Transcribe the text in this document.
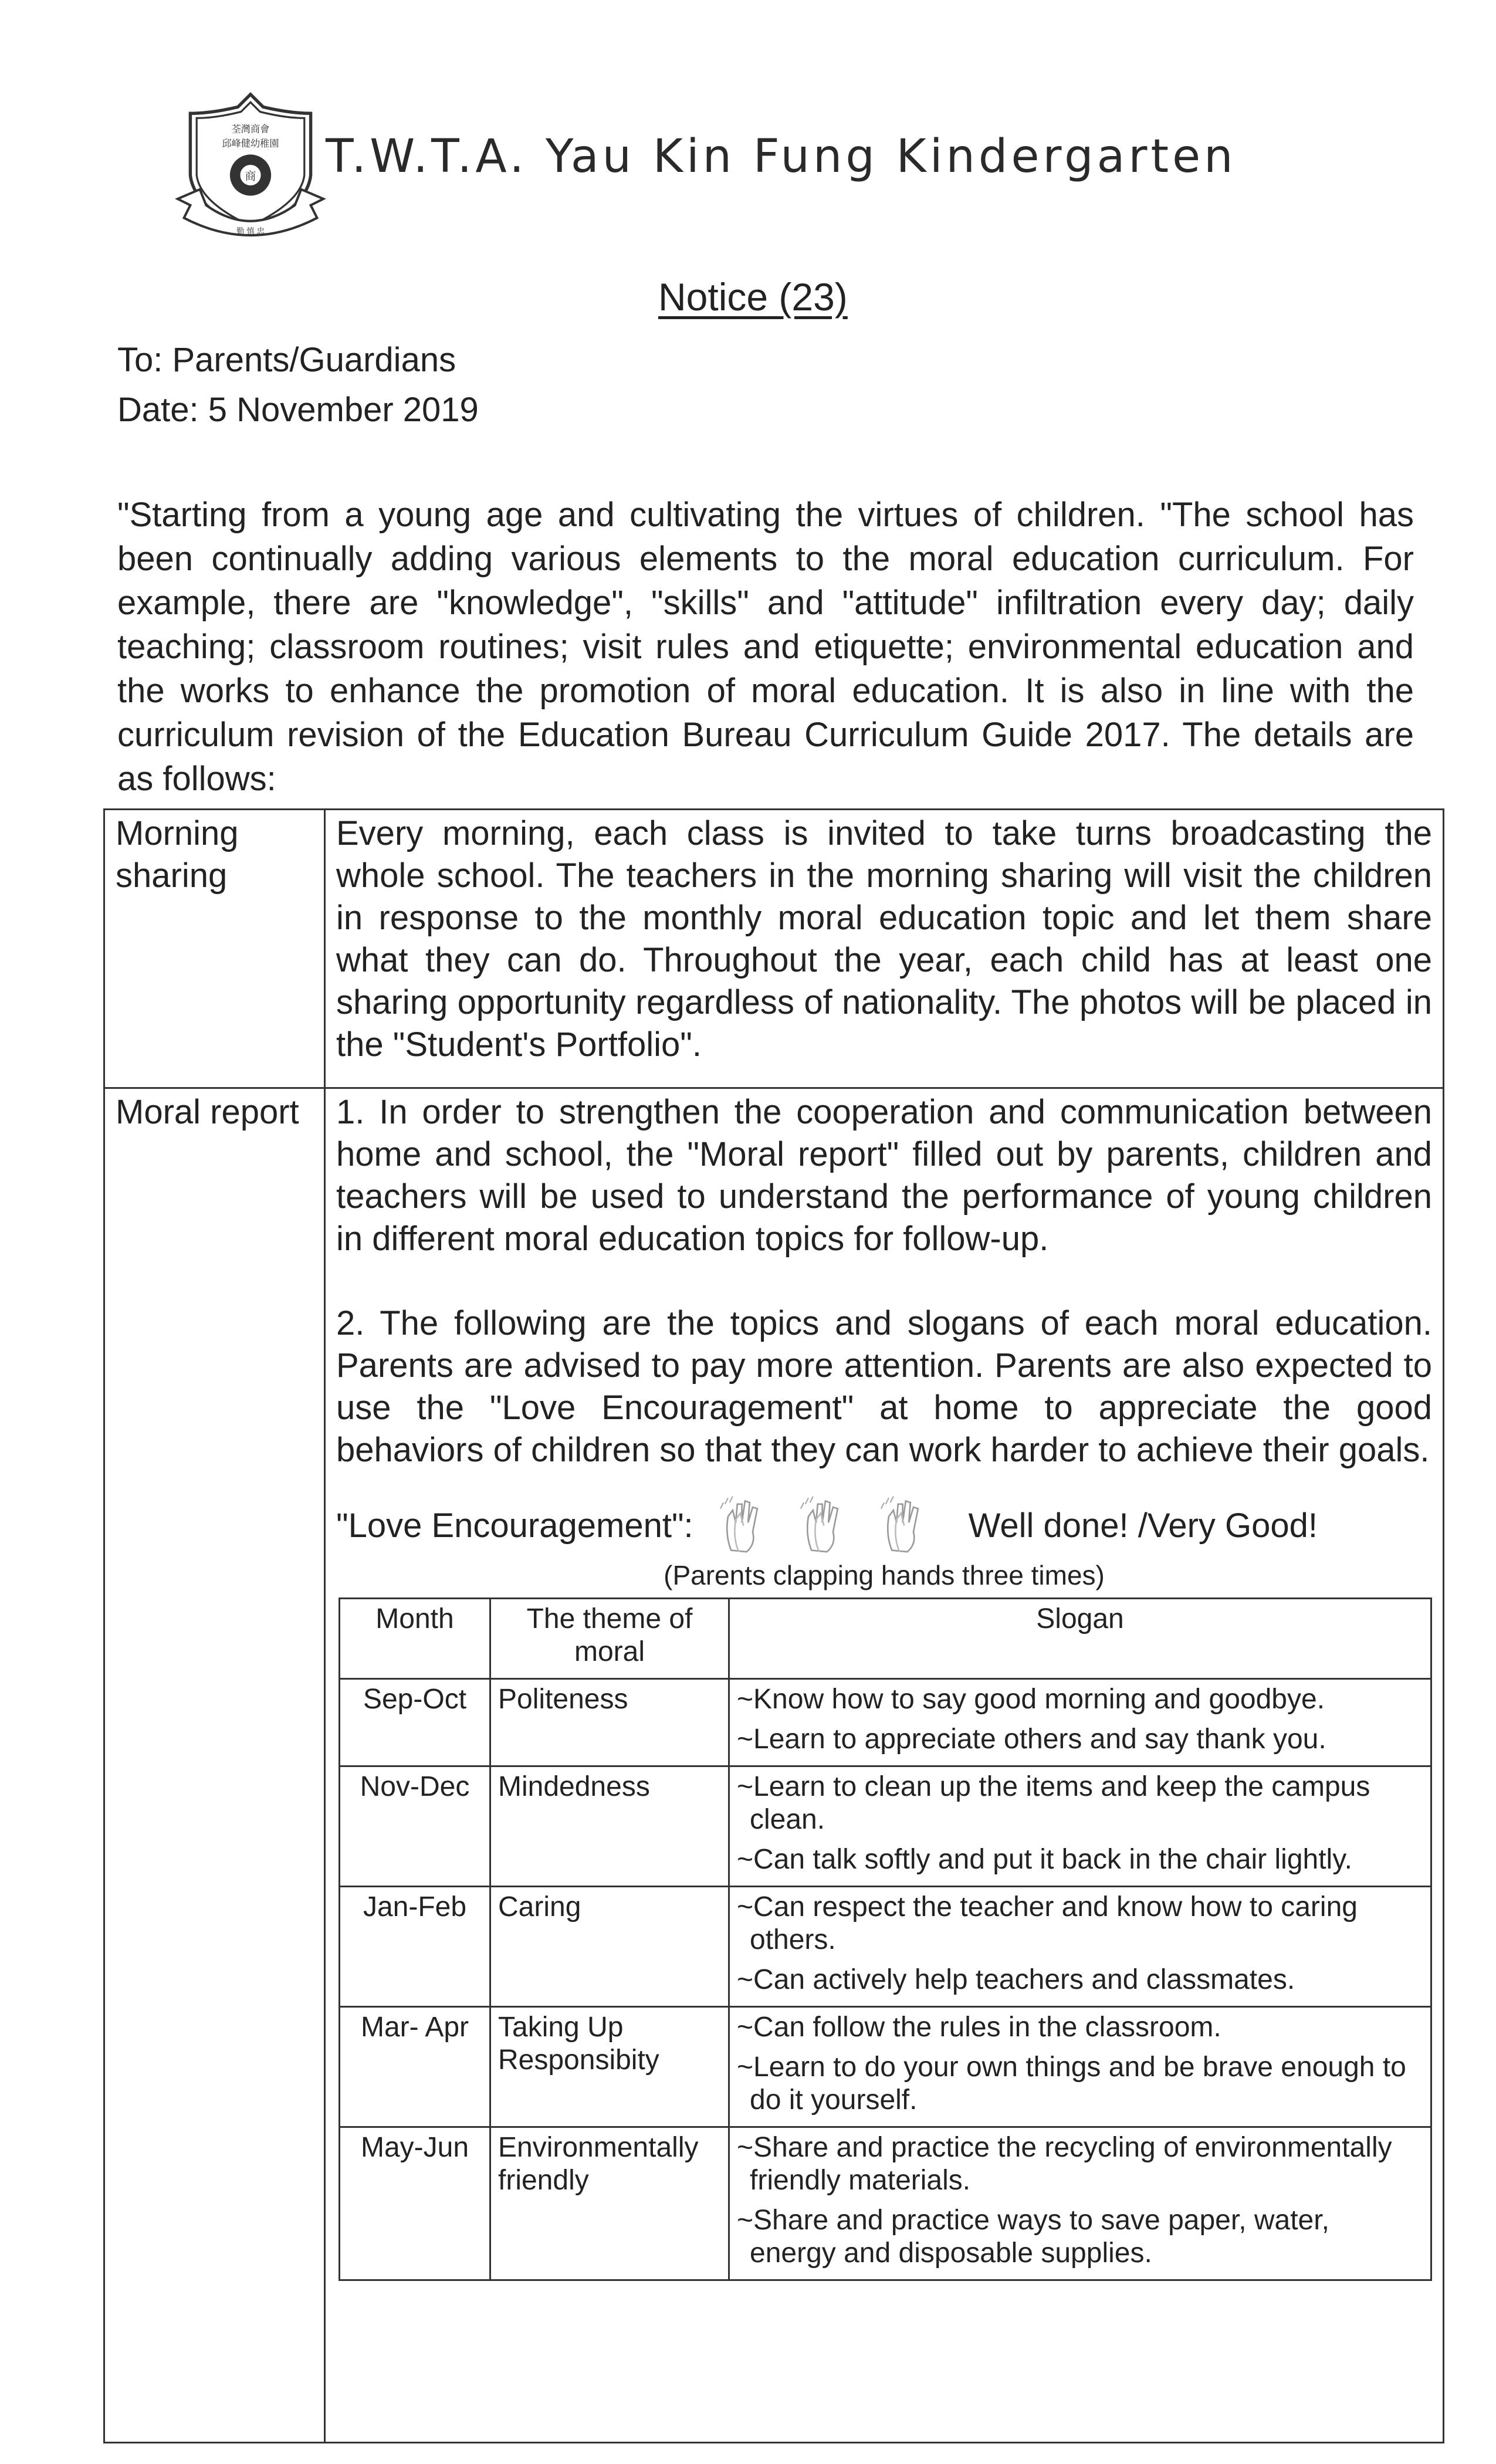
荃灣商會
邱峰健幼稚園
商
勤 慎 忠
T.W.T.A. Yau Kin Fung Kindergarten
Notice (23)
To: Parents/Guardians
Date: 5 November 2019
"Starting from a young age and cultivating the virtues of children. "The school has been continually adding various elements to the moral education curriculum. For example, there are "knowledge", "skills" and "attitude" infiltration every day; daily teaching; classroom routines; visit rules and etiquette; environmental education and the works to enhance the promotion of moral education. It is also in line with the curriculum revision of the Education Bureau Curriculum Guide 2017. The details are as follows:
Morning sharing	Every morning, each class is invited to take turns broadcasting the whole school. The teachers in the morning sharing will visit the children in response to the monthly moral education topic and let them share what they can do. Throughout the year, each child has at least one sharing opportunity regardless of nationality. The photos will be placed in the "Student's Portfolio".
Moral report	1. In order to strengthen the cooperation and communication between home and school, the "Moral report" filled out by parents, children and teachers will be used to understand the performance of young children in different moral education topics for follow-up.
2. The following are the topics and slogans of each moral education. Parents are advised to pay more attention. Parents are also expected to use the "Love Encouragement" at home to appreciate the good behaviors of children so that they can work harder to achieve their goals.
"Love Encouragement":	Well done! /Very Good!
(Parents clapping hands three times)
Month	The theme of moral	Slogan
Sep-Oct	Politeness	~Know how to say good morning and goodbye.
~Learn to appreciate others and say thank you.

Nov-Dec	Mindedness	~Learn to clean up the items and keep the campus clean.
~Can talk softly and put it back in the chair lightly.

Jan-Feb	Caring	~Can respect the teacher and know how to caring others.
~Can actively help teachers and classmates.

Mar- Apr	Taking Up Responsibity	
~Can follow the rules in the classroom.
~Learn to do your own things and be brave enough to do it yourself.

May-Jun	Environmentally friendly	
~Share and practice the recycling of environmentally friendly materials.
~Share and practice ways to save paper, water, energy and disposable supplies.
